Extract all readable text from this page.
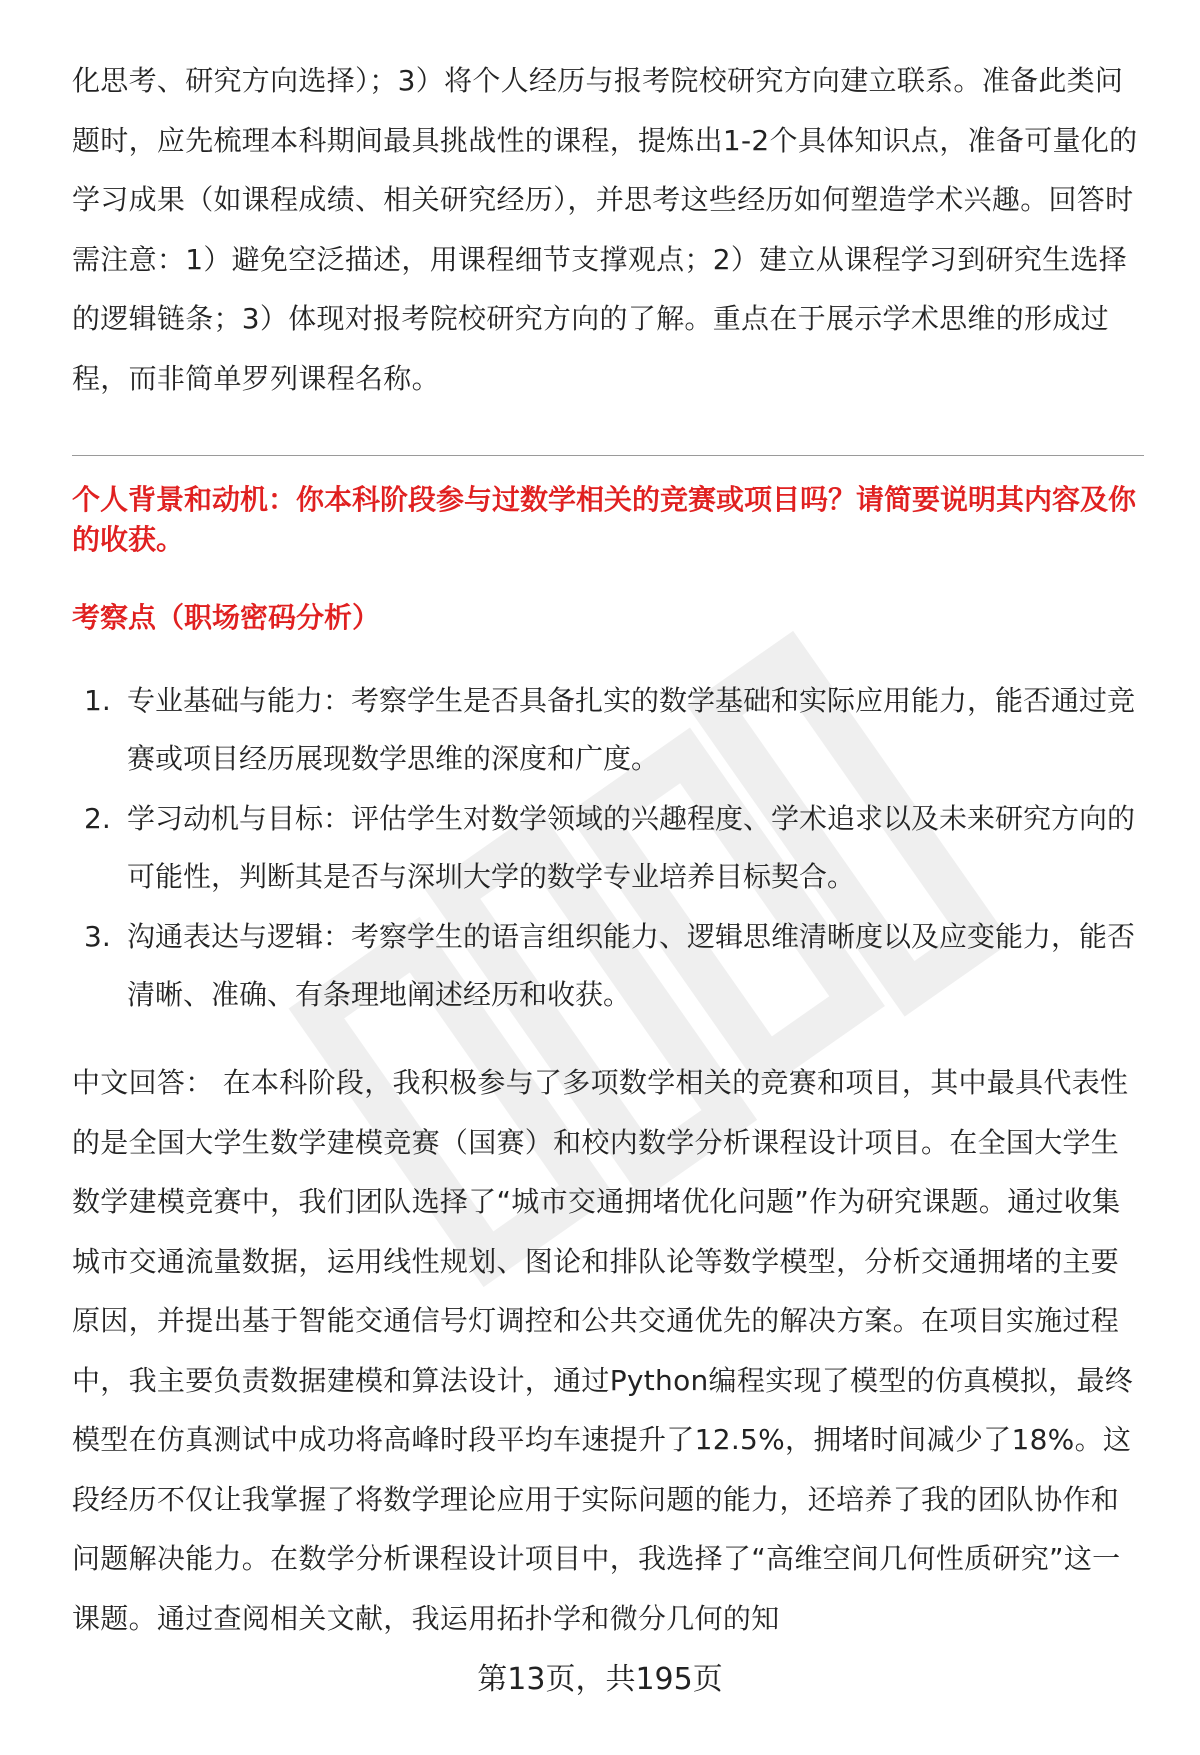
化思考、研究方向选择）；3）将个人经历与报考院校研究方向建立联系。准备此类问题时，应先梳理本科期间最具挑战性的课程，提炼出1-2个具体知识点，准备可量化的学习成果（如课程成绩、相关研究经历），并思考这些经历如何塑造学术兴趣。回答时需注意：1）避免空泛描述，用课程细节支撑观点；2）建立从课程学习到研究生选择的逻辑链条；3）体现对报考院校研究方向的了解。重点在于展示学术思维的形成过程，而非简单罗列课程名称。
个人背景和动机：你本科阶段参与过数学相关的竞赛或项目吗？请简要说明其内容及你的收获。
考察点（职场密码分析）
1. 专业基础与能力：考察学生是否具备扎实的数学基础和实际应用能力，能否通过竞赛或项目经历展现数学思维的深度和广度。
2. 学习动机与目标：评估学生对数学领域的兴趣程度、学术追求以及未来研究方向的可能性，判断其是否与深圳大学的数学专业培养目标契合。
3. 沟通表达与逻辑：考察学生的语言组织能力、逻辑思维清晰度以及应变能力，能否清晰、准确、有条理地阐述经历和收获。
中文回答： 在本科阶段，我积极参与了多项数学相关的竞赛和项目，其中最具代表性的是全国大学生数学建模竞赛（国赛）和校内数学分析课程设计项目。在全国大学生数学建模竞赛中，我们团队选择了“城市交通拥堵优化问题”作为研究课题。通过收集城市交通流量数据，运用线性规划、图论和排队论等数学模型，分析交通拥堵的主要原因，并提出基于智能交通信号灯调控和公共交通优先的解决方案。在项目实施过程中，我主要负责数据建模和算法设计，通过Python编程实现了模型的仿真模拟，最终模型在仿真测试中成功将高峰时段平均车速提升了12.5%，拥堵时间减少了18%。这段经历不仅让我掌握了将数学理论应用于实际问题的能力，还培养了我的团队协作和问题解决能力。在数学分析课程设计项目中，我选择了“高维空间几何性质研究”这一课题。通过查阅相关文献，我运用拓扑学和微分几何的知
第13页，共195页
